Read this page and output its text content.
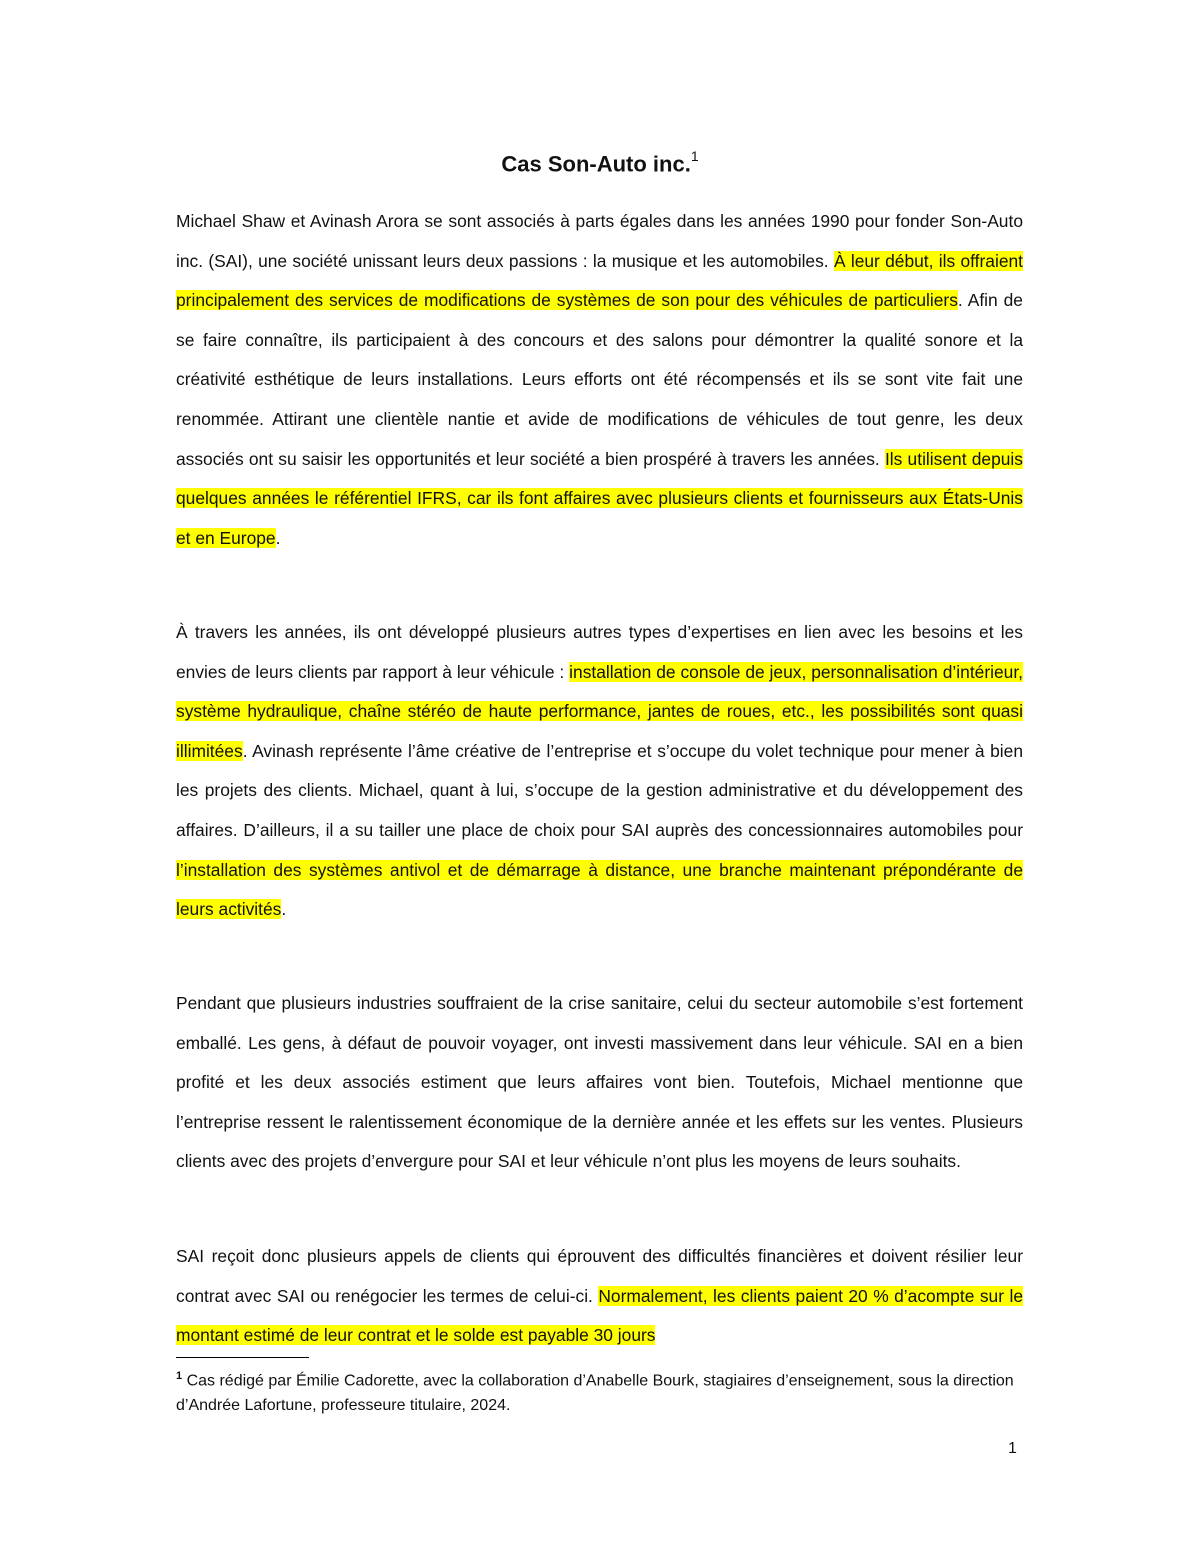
Cas Son-Auto inc.$^1$

Michael Shaw et Avinash Arora se sont associés à parts égales dans les années 1990 pour fonder Son-Auto inc. (SAI), une société unissant leurs deux passions : la musique et les automobiles. À leur début, ils offraient principalement des services de modifications de systèmes de son pour des véhicules de particuliers. Afin de se faire connaître, ils participaient à des concours et des salons pour démontrer la qualité sonore et la créativité esthétique de leurs installations. Leurs efforts ont été récompensés et ils se sont vite fait une renommée. Attirant une clientèle nantie et avide de modifications de véhicules de tout genre, les deux associés ont su saisir les opportunités et leur société a bien prospéré à travers les années. Ils utilisent depuis quelques années le référentiel IFRS, car ils font affaires avec plusieurs clients et fournisseurs aux États-Unis et en Europe.

À travers les années, ils ont développé plusieurs autres types d’expertises en lien avec les besoins et les envies de leurs clients par rapport à leur véhicule : installation de console de jeux, personnalisation d’intérieur, système hydraulique, chaîne stéréo de haute performance, jantes de roues, etc., les possibilités sont quasi illimitées. Avinash représente l’âme créative de l’entreprise et s’occupe du volet technique pour mener à bien les projets des clients. Michael, quant à lui, s’occupe de la gestion administrative et du développement des affaires. D’ailleurs, il a su tailler une place de choix pour SAI auprès des concessionnaires automobiles pour l’installation des systèmes antivol et de démarrage à distance, une branche maintenant prépondérante de leurs activités.

Pendant que plusieurs industries souffraient de la crise sanitaire, celui du secteur automobile s’est fortement emballé. Les gens, à défaut de pouvoir voyager, ont investi massivement dans leur véhicule. SAI en a bien profité et les deux associés estiment que leurs affaires vont bien. Toutefois, Michael mentionne que l’entreprise ressent le ralentissement économique de la dernière année et les effets sur les ventes. Plusieurs clients avec des projets d’envergure pour SAI et leur véhicule n’ont plus les moyens de leurs souhaits.

SAI reçoit donc plusieurs appels de clients qui éprouvent des difficultés financières et doivent résilier leur contrat avec SAI ou renégocier les termes de celui-ci. Normalement, les clients paient 20 % d’acompte sur le montant estimé de leur contrat et le solde est payable 30 jours

$^1$ Cas rédigé par Émilie Cadorette, avec la collaboration d’Anabelle Bourk, stagiaires d’enseignement, sous la direction d’Andrée Lafortune, professeure titulaire, 2024.

1
